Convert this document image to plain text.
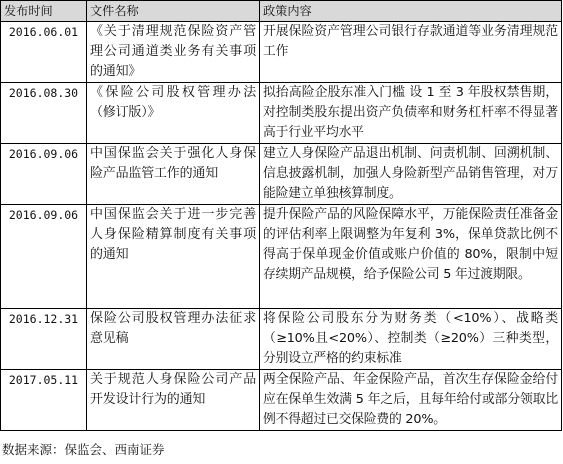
发布时间	文件名称	政策内容
2016.06.01	《关于清理规范保险资产管理公司通道类业务有关事项的通知》	开展保险资产管理公司银行存款通道等业务清理规范工作
2016.08.30	《保险公司股权管理办法（修订版）》	拟抬高险企股东准入门槛 设 1 至 3 年股权禁售期，对控制类股东提出资产负债率和财务杠杆率不得显著高于行业平均水平
2016.09.06	中国保监会关于强化人身保险产品监管工作的通知	建立人身保险产品退出机制、问责机制、回溯机制、信息披露机制，加强人身险新型产品销售管理，对万能险建立单独核算制度。
2016.09.06	中国保监会关于进一步完善人身保险精算制度有关事项的通知	提升保险产品的风险保障水平，万能保险责任准备金的评估利率上限调整为年复利 3%，保单贷款比例不得高于保单现金价值或账户价值的 80%，限制中短存续期产品规模，给予保险公司 5 年过渡期限。
2016.12.31	保险公司股权管理办法征求意见稿	将保险公司股东分为财务类（<10%）、战略类（≥10%且<20%）、控制类（≥20%）三种类型，分别设立严格的约束标准
2017.05.11	关于规范人身保险公司产品开发设计行为的通知	两全保险产品、年金保险产品，首次生存保险金给付应在保单生效满 5 年之后，且每年给付或部分领取比例不得超过已交保险费的 20%。
数据来源：保监会、西南证券
